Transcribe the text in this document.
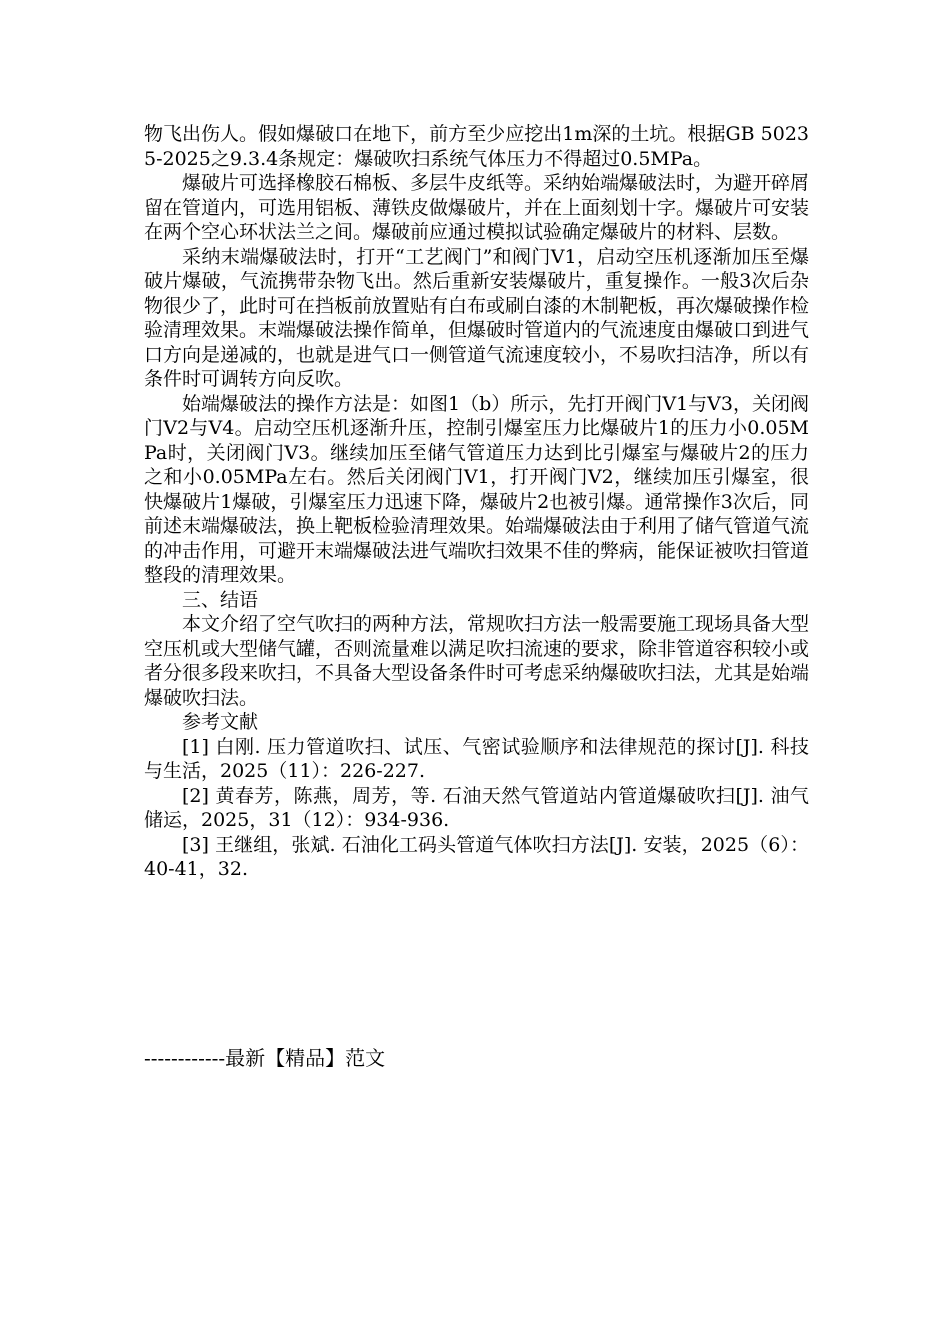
物飞出伤人。假如爆破口在地下，前方至少应挖出1m深的土坑。根据GB 50235-2025之9.3.4条规定：爆破吹扫系统气体压力不得超过0.5MPa。

爆破片可选择橡胶石棉板、多层牛皮纸等。采纳始端爆破法时，为避开碎屑留在管道内，可选用铝板、薄铁皮做爆破片，并在上面刻划十字。爆破片可安装在两个空心环状法兰之间。爆破前应通过模拟试验确定爆破片的材料、层数。

采纳末端爆破法时，打开“工艺阀门”和阀门V1，启动空压机逐渐加压至爆破片爆破，气流携带杂物飞出。然后重新安装爆破片，重复操作。一般3次后杂物很少了，此时可在挡板前放置贴有白布或刷白漆的木制靶板，再次爆破操作检验清理效果。末端爆破法操作简单，但爆破时管道内的气流速度由爆破口到进气口方向是递减的，也就是进气口一侧管道气流速度较小，不易吹扫洁净，所以有条件时可调转方向反吹。

始端爆破法的操作方法是：如图1（b）所示，先打开阀门V1与V3，关闭阀门V2与V4。启动空压机逐渐升压，控制引爆室压力比爆破片1的压力小0.05MPa时，关闭阀门V3。继续加压至储气管道压力达到比引爆室与爆破片2的压力之和小0.05MPa左右。然后关闭阀门V1，打开阀门V2，继续加压引爆室，很快爆破片1爆破，引爆室压力迅速下降，爆破片2也被引爆。通常操作3次后，同前述末端爆破法，换上靶板检验清理效果。始端爆破法由于利用了储气管道气流的冲击作用，可避开末端爆破法进气端吹扫效果不佳的弊病，能保证被吹扫管道整段的清理效果。

三、结语

本文介绍了空气吹扫的两种方法，常规吹扫方法一般需要施工现场具备大型空压机或大型储气罐，否则流量难以满足吹扫流速的要求，除非管道容积较小或者分很多段来吹扫，不具备大型设备条件时可考虑采纳爆破吹扫法，尤其是始端爆破吹扫法。

参考文献

[1] 白刚. 压力管道吹扫、试压、气密试验顺序和法律规范的探讨[J]. 科技与生活，2025（11）：226-227.

[2] 黄春芳，陈燕，周芳，等. 石油天然气管道站内管道爆破吹扫[J]. 油气储运，2025，31（12）：934-936.

[3] 王继组，张斌. 石油化工码头管道气体吹扫方法[J]. 安装，2025（6）：40-41，32.

------------最新【精品】范文
